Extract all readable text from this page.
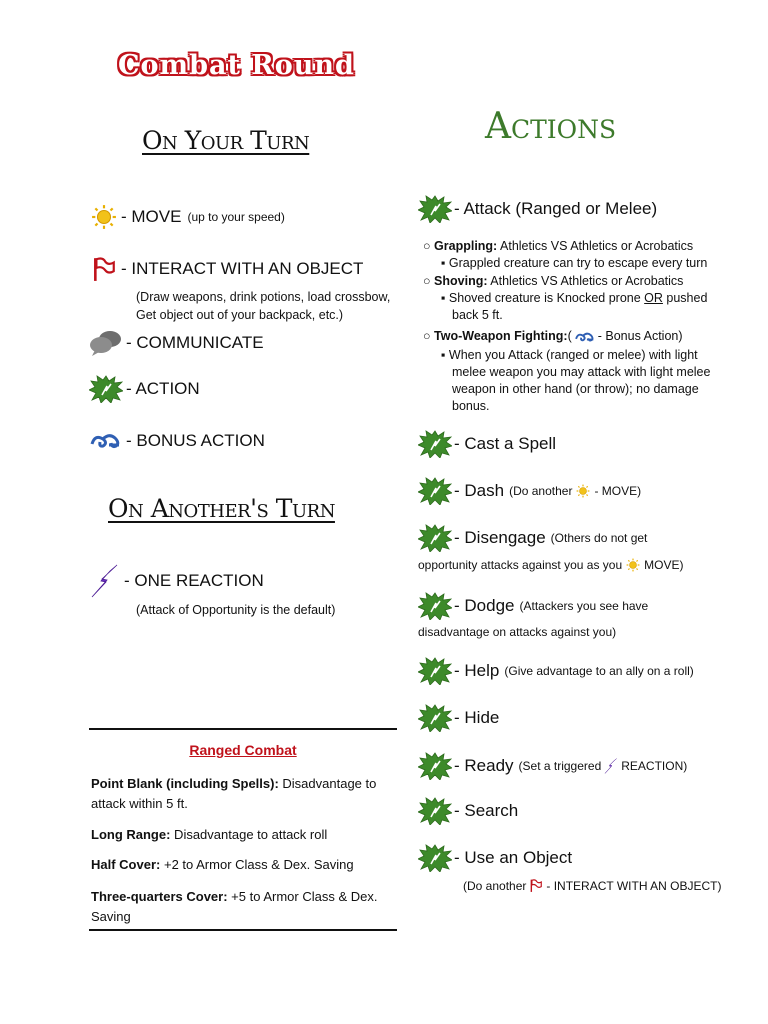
Combat Round
On Your Turn
- MOVE (up to your speed)
- INTERACT WITH AN OBJECT
(Draw weapons, drink potions, load crossbow,
Get object out of your backpack, etc.)
- COMMUNICATE
- ACTION
- BONUS ACTION
On Another's Turn
- ONE REACTION
(Attack of Opportunity is the default)
Ranged Combat
Point Blank (including Spells): Disadvantage to
attack within 5 ft.
Long Range: Disadvantage to attack roll
Half Cover: +2 to Armor Class & Dex. Saving
Three-quarters Cover: +5 to Armor Class & Dex.
Saving
Actions
- Attack (Ranged or Melee)
○ Grappling: Athletics VS Athletics or Acrobatics
▪ Grappled creature can try to escape every turn
○ Shoving: Athletics VS Athletics or Acrobatics
▪ Shoved creature is Knocked prone OR pushed
back 5 ft.
○ Two-Weapon Fighting: ( - Bonus Action)
▪ When you Attack (ranged or melee) with light
melee weapon you may attack with light melee
weapon in other hand (or throw); no damage
bonus.
- Cast a Spell
- Dash (Do another - MOVE)
- Disengage (Others do not get
opportunity attacks against you as you MOVE)
- Dodge (Attackers you see have
disadvantage on attacks against you)
- Help (Give advantage to an ally on a roll)
- Hide
- Ready (Set a triggered REACTION)
- Search
- Use an Object
(Do another - INTERACT WITH AN OBJECT)
